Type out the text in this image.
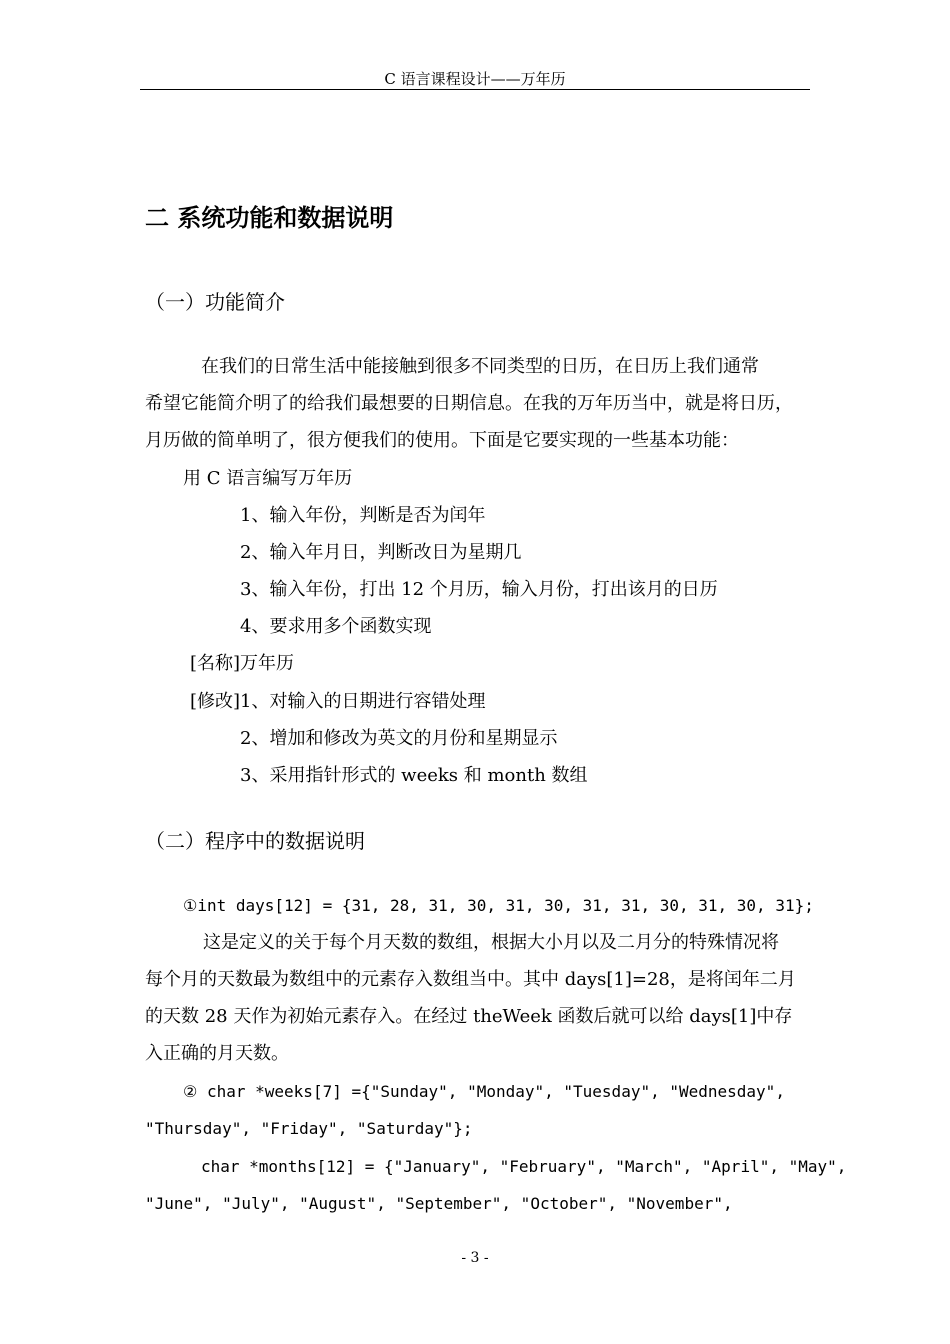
C 语言课程设计——万年历
二 系统功能和数据说明
（一）功能简介
在我们的日常生活中能接触到很多不同类型的日历，在日历上我们通常
希望它能简介明了的给我们最想要的日期信息。在我的万年历当中，就是将日历，
月历做的简单明了，很方便我们的使用。下面是它要实现的一些基本功能：
用 C 语言编写万年历
1、输入年份，判断是否为闰年
2、输入年月日，判断改日为星期几
3、输入年份，打出 12 个月历，输入月份，打出该月的日历
4、要求用多个函数实现
[名称]万年历
[修改]1、对输入的日期进行容错处理
2、增加和修改为英文的月份和星期显示
3、采用指针形式的 weeks 和 month 数组
（二）程序中的数据说明
①int days[12] = {31, 28, 31, 30, 31, 30, 31, 31, 30, 31, 30, 31};
这是定义的关于每个月天数的数组，根据大小月以及二月分的特殊情况将
每个月的天数最为数组中的元素存入数组当中。其中 days[1]=28，是将闰年二月
的天数 28 天作为初始元素存入。在经过 theWeek 函数后就可以给 days[1]中存
入正确的月天数。
② char *weeks[7] ={"Sunday", "Monday", "Tuesday", "Wednesday",
"Thursday", "Friday", "Saturday"};
char *months[12] = {"January", "February", "March", "April", "May",
"June", "July", "August", "September", "October", "November",
- 3 -
